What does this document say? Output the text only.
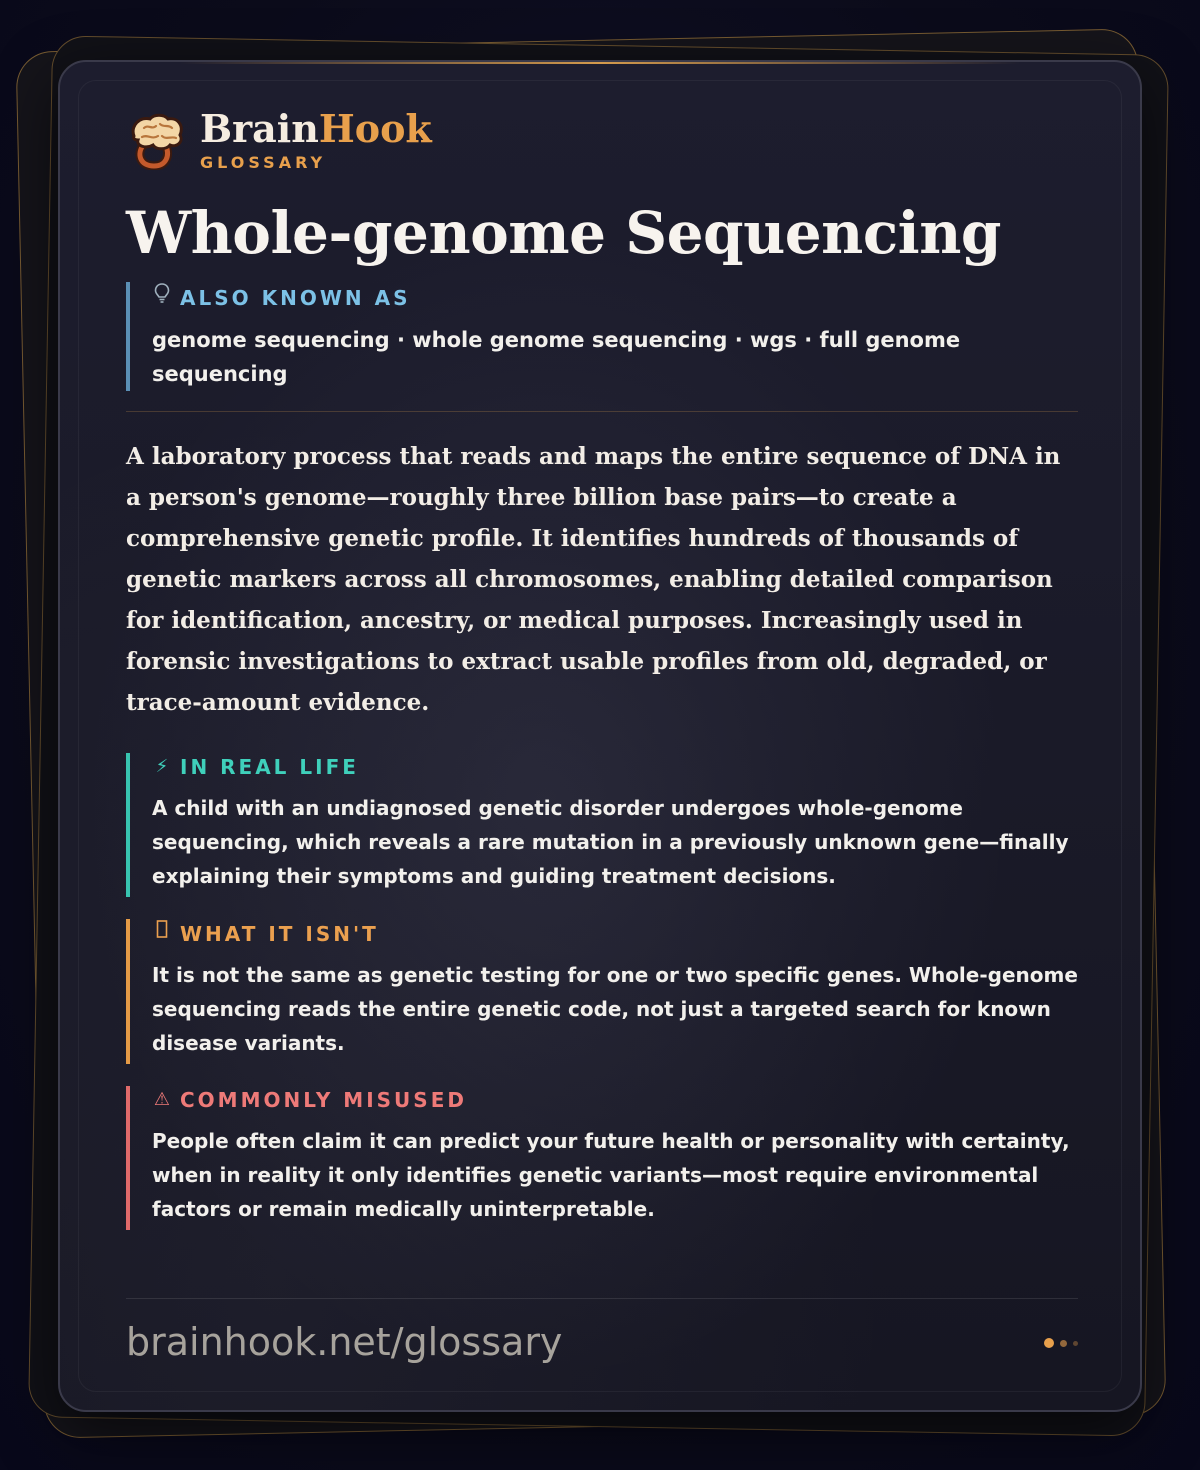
BrainHook
GLOSSARY
Whole-genome Sequencing
ALSO KNOWN AS
genome sequencing · whole genome sequencing · wgs · full genome sequencing
A laboratory process that reads and maps the entire sequence of DNA in a person's genome—roughly three billion base pairs—to create a comprehensive genetic profile. It identifies hundreds of thousands of genetic markers across all chromosomes, enabling detailed comparison for identification, ancestry, or medical purposes. Increasingly used in forensic investigations to extract usable profiles from old, degraded, or trace-amount evidence.
⚡ IN REAL LIFE
A child with an undiagnosed genetic disorder undergoes whole-genome sequencing, which reveals a rare mutation in a previously unknown gene—finally explaining their symptoms and guiding treatment decisions.
WHAT IT ISN'T
It is not the same as genetic testing for one or two specific genes. Whole-genome sequencing reads the entire genetic code, not just a targeted search for known disease variants.
⚠ COMMONLY MISUSED
People often claim it can predict your future health or personality with certainty, when in reality it only identifies genetic variants—most require environmental factors or remain medically uninterpretable.
brainhook.net/glossary
